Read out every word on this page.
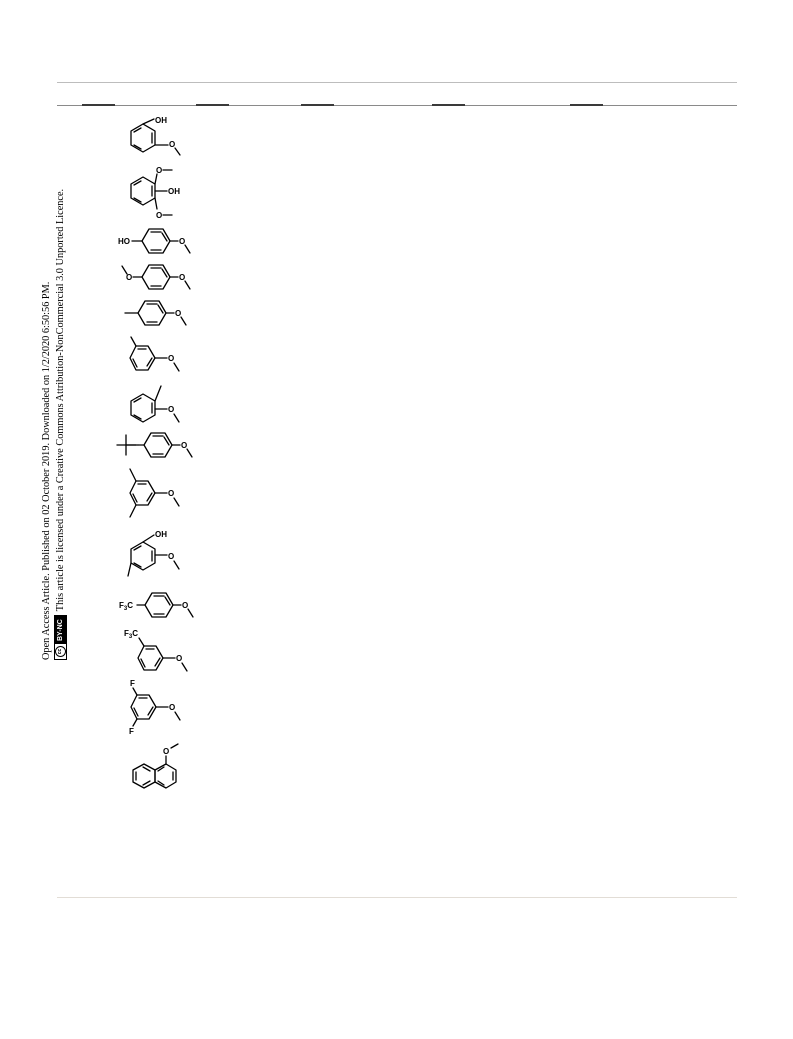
Open Access Article. Published on 02 October 2019. Downloaded on 1/2/2020 6:50:56 PM.	cc
BY-NC
This article is licensed under a Creative Commons Attribution-NonCommercial 3.0 Unported Licence.
OH
O
O
OH
O
HO	O
O	O
O
O
O
O
O
OH
O
$F_3C$	O
$F_3C$
O
F
F
O
O
